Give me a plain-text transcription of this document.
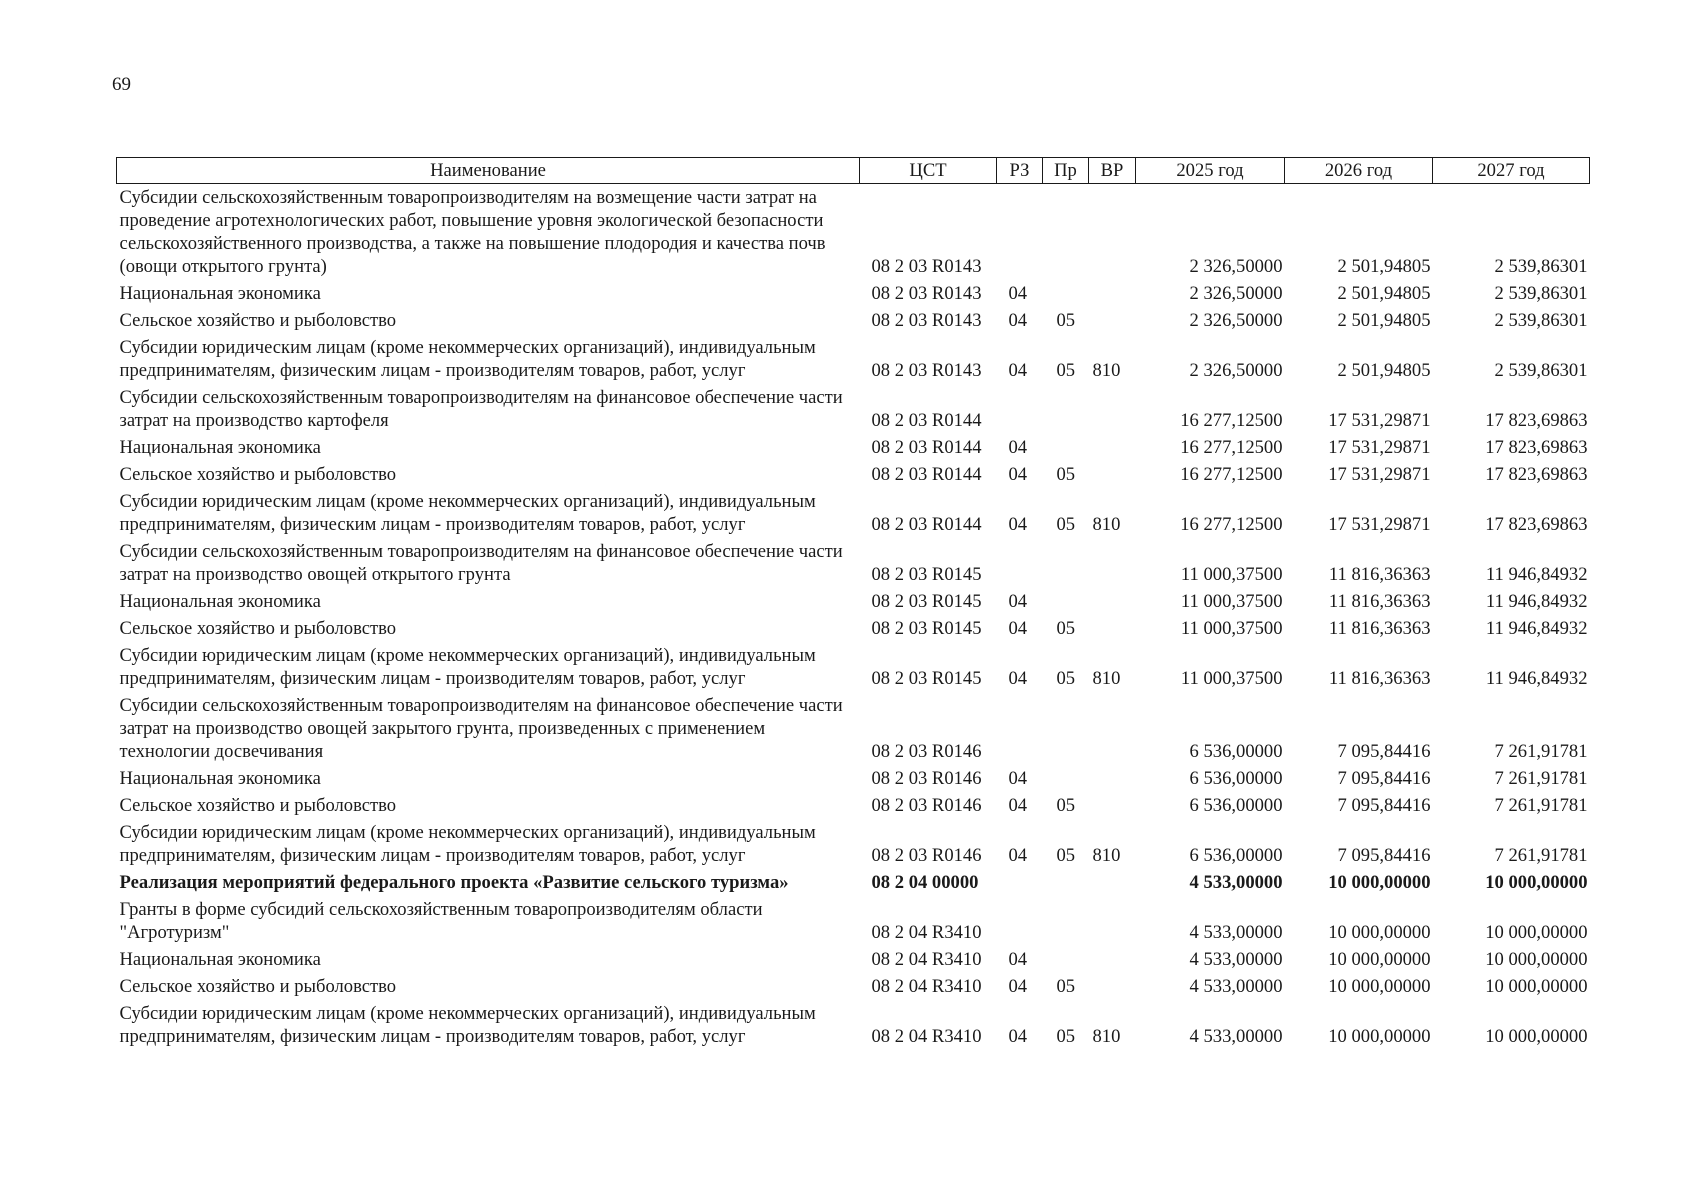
69
Наименование	ЦСТ	РЗ	Пр	ВР	2025 год	2026 год	2027 год
Субсидии сельскохозяйственным товаропроизводителям на возмещение части затрат на проведение агротехнологических работ, повышение уровня экологической безопасности сельскохозяйственного производства, а также на повышение плодородия и качества почв (овощи открытого грунта)	08 2 03 R0143				2 326,50000	2 501,94805	2 539,86301
Национальная экономика	08 2 03 R0143	04			2 326,50000	2 501,94805	2 539,86301
Сельское хозяйство и рыболовство	08 2 03 R0143	04	05		2 326,50000	2 501,94805	2 539,86301
Субсидии юридическим лицам (кроме некоммерческих организаций), индивидуальным предпринимателям, физическим лицам - производителям товаров, работ, услуг	08 2 03 R0143	04	05	810	2 326,50000	2 501,94805	2 539,86301
Субсидии сельскохозяйственным товаропроизводителям на финансовое обеспечение части затрат на производство картофеля	08 2 03 R0144				16 277,12500	17 531,29871	17 823,69863
Национальная экономика	08 2 03 R0144	04			16 277,12500	17 531,29871	17 823,69863
Сельское хозяйство и рыболовство	08 2 03 R0144	04	05		16 277,12500	17 531,29871	17 823,69863
Субсидии юридическим лицам (кроме некоммерческих организаций), индивидуальным предпринимателям, физическим лицам - производителям товаров, работ, услуг	08 2 03 R0144	04	05	810	16 277,12500	17 531,29871	17 823,69863
Субсидии сельскохозяйственным товаропроизводителям на финансовое обеспечение части затрат на производство овощей открытого грунта	08 2 03 R0145				11 000,37500	11 816,36363	11 946,84932
Национальная экономика	08 2 03 R0145	04			11 000,37500	11 816,36363	11 946,84932
Сельское хозяйство и рыболовство	08 2 03 R0145	04	05		11 000,37500	11 816,36363	11 946,84932
Субсидии юридическим лицам (кроме некоммерческих организаций), индивидуальным предпринимателям, физическим лицам - производителям товаров, работ, услуг	08 2 03 R0145	04	05	810	11 000,37500	11 816,36363	11 946,84932
Субсидии сельскохозяйственным товаропроизводителям на финансовое обеспечение части затрат на производство овощей закрытого грунта, произведенных с применением технологии досвечивания	08 2 03 R0146				6 536,00000	7 095,84416	7 261,91781
Национальная экономика	08 2 03 R0146	04			6 536,00000	7 095,84416	7 261,91781
Сельское хозяйство и рыболовство	08 2 03 R0146	04	05		6 536,00000	7 095,84416	7 261,91781
Субсидии юридическим лицам (кроме некоммерческих организаций), индивидуальным предпринимателям, физическим лицам - производителям товаров, работ, услуг	08 2 03 R0146	04	05	810	6 536,00000	7 095,84416	7 261,91781
Реализация мероприятий федерального проекта «Развитие сельского туризма»	08 2 04 00000				4 533,00000	10 000,00000	10 000,00000
Гранты в форме субсидий сельскохозяйственным товаропроизводителям области "Агротуризм"	08 2 04 R3410				4 533,00000	10 000,00000	10 000,00000
Национальная экономика	08 2 04 R3410	04			4 533,00000	10 000,00000	10 000,00000
Сельское хозяйство и рыболовство	08 2 04 R3410	04	05		4 533,00000	10 000,00000	10 000,00000
Субсидии юридическим лицам (кроме некоммерческих организаций), индивидуальным предпринимателям, физическим лицам - производителям товаров, работ, услуг	08 2 04 R3410	04	05	810	4 533,00000	10 000,00000	10 000,00000
